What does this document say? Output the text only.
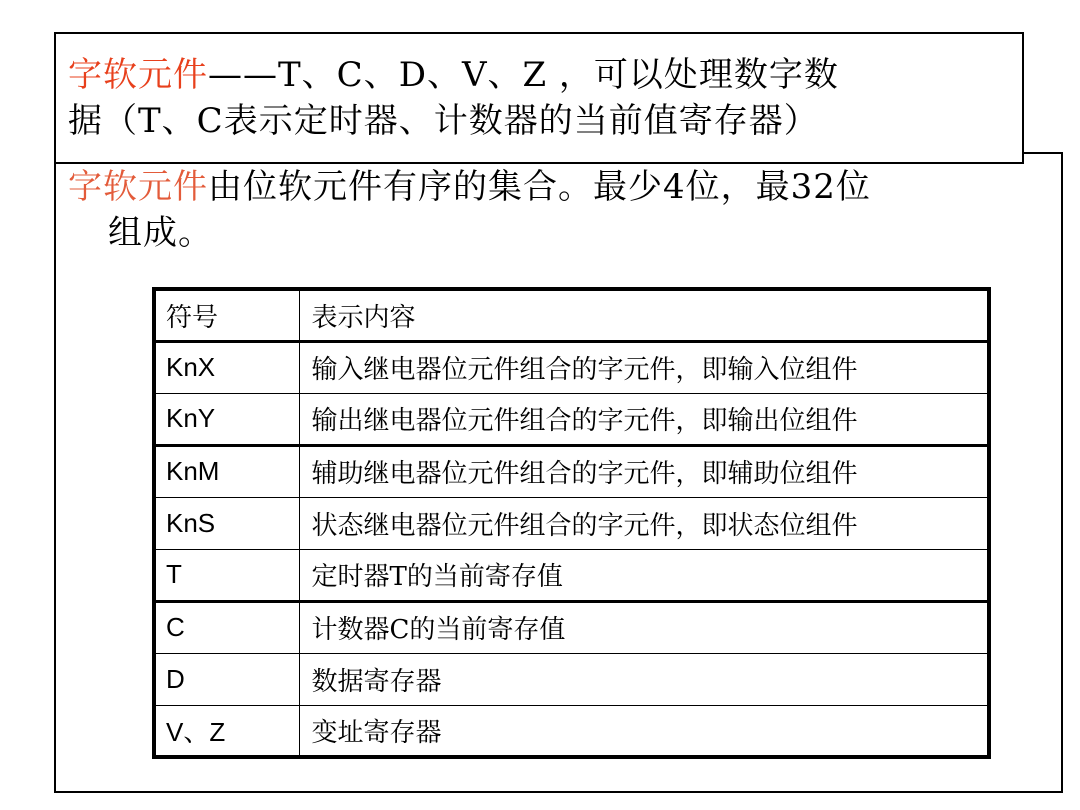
字软元件——T、C、D、V、Z ，可以处理数字数
据（T、C表示定时器、计数器的当前值寄存器）
字软元件由位软元件有序的集合。最少4位，最32位
组成。
符号	表示内容
KnX	输入继电器位元件组合的字元件，即输入位组件
KnY	输出继电器位元件组合的字元件，即输出位组件
KnM	辅助继电器位元件组合的字元件，即辅助位组件
KnS	状态继电器位元件组合的字元件，即状态位组件
T	定时器T的当前寄存值
C	计数器C的当前寄存值
D	数据寄存器
V、Z	变址寄存器
